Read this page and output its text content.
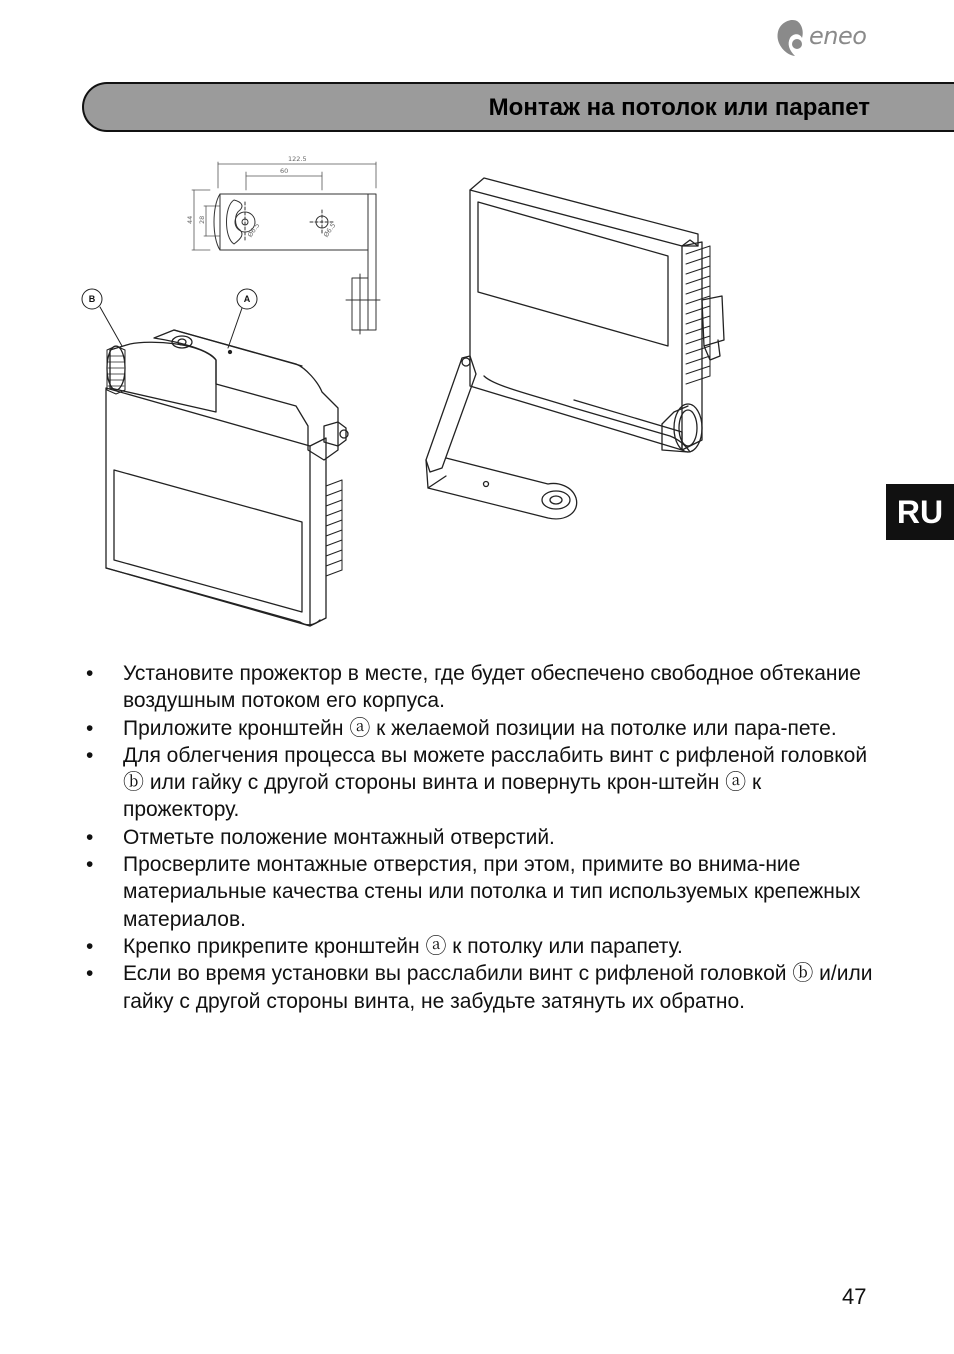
eneo
Монтаж на потолок или парапет
122.5
60
44 28
Ø6.5	Ø6.5
B	A
RU
• Установите прожектор в месте, где будет обеспечено свободное обтекание воздушным потоком его корпуса.
• Приложите кронштейн ⓐ к желаемой позиции на потолке или пара-пете.
• Для облегчения процесса вы можете расслабить винт с рифленой головкой ⓑ или гайку с другой стороны винта и повернуть крон-штейн ⓐ к прожектору.
• Отметьте положение монтажный отверстий.
• Просверлите монтажные отверстия, при этом, примите во внима-ние материальные качества стены или потолка и тип используемых крепежных материалов.
• Крепко прикрепите кронштейн ⓐ к потолку или парапету.
• Если во время установки вы расслабили винт с рифленой головкой ⓑ и/или гайку с другой стороны винта, не забудьте затянуть их обратно.
47
